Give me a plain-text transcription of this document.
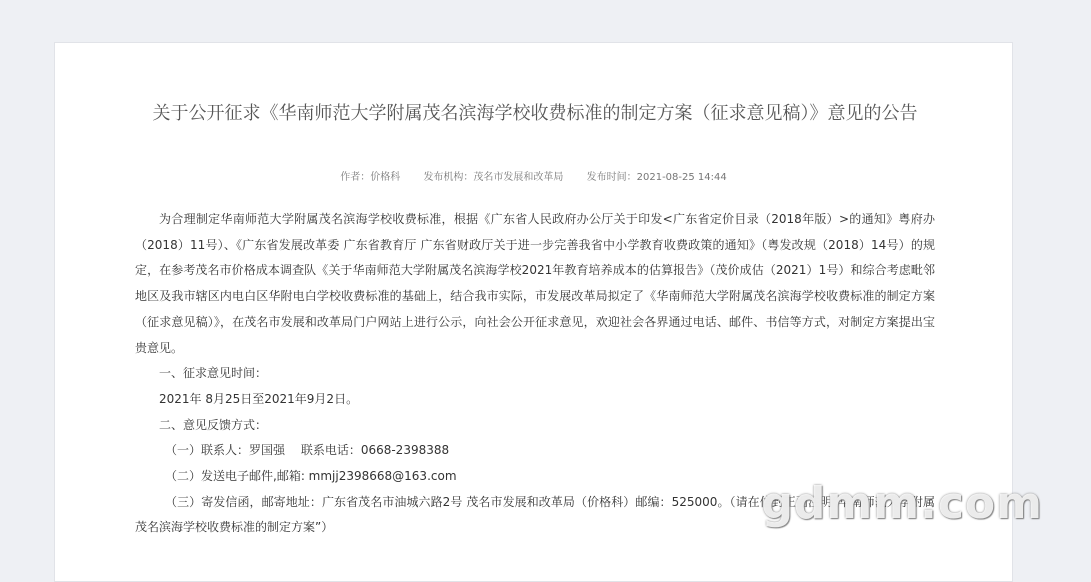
关于公开征求《华南师范大学附属茂名滨海学校收费标准的制定方案（征求意见稿）》意见的公告
作者：价格科 发布机构：茂名市发展和改革局 发布时间：2021-08-25 14:44

为合理制定华南师范大学附属茂名滨海学校收费标准，根据《广东省人民政府办公厅关于印发<广东省定价目录（2018年版）>的通知》粤府办（2018）11号）、《广东省发展改革委 广东省教育厅 广东省财政厅关于进一步完善我省中小学教育收费政策的通知》（粤发改规（2018）14号）的规定，在参考茂名市价格成本调查队《关于华南师范大学附属茂名滨海学校2021年教育培养成本的估算报告》（茂价成估（2021）1号）和综合考虑毗邻地区及我市辖区内电白区华附电白学校收费标准的基础上，结合我市实际，市发展改革局拟定了《华南师范大学附属茂名滨海学校收费标准的制定方案（征求意见稿）》，在茂名市发展和改革局门户网站上进行公示，向社会公开征求意见，欢迎社会各界通过电话、邮件、书信等方式，对制定方案提出宝贵意见。

一、征求意见时间：

2021年 8月25日至2021年9月2日。

二、意见反馈方式：

（一）联系人：罗国强　 联系电话：0668-2398388

（二）发送电子邮件,邮箱: mmjj2398668@163.com

（三）寄发信函，邮寄地址：广东省茂名市油城六路2号 茂名市发展和改革局（价格科）邮编：525000。（请在信封正面注明“华南师范大学附属茂名滨海学校收费标准的制定方案”）	gdmm.com
